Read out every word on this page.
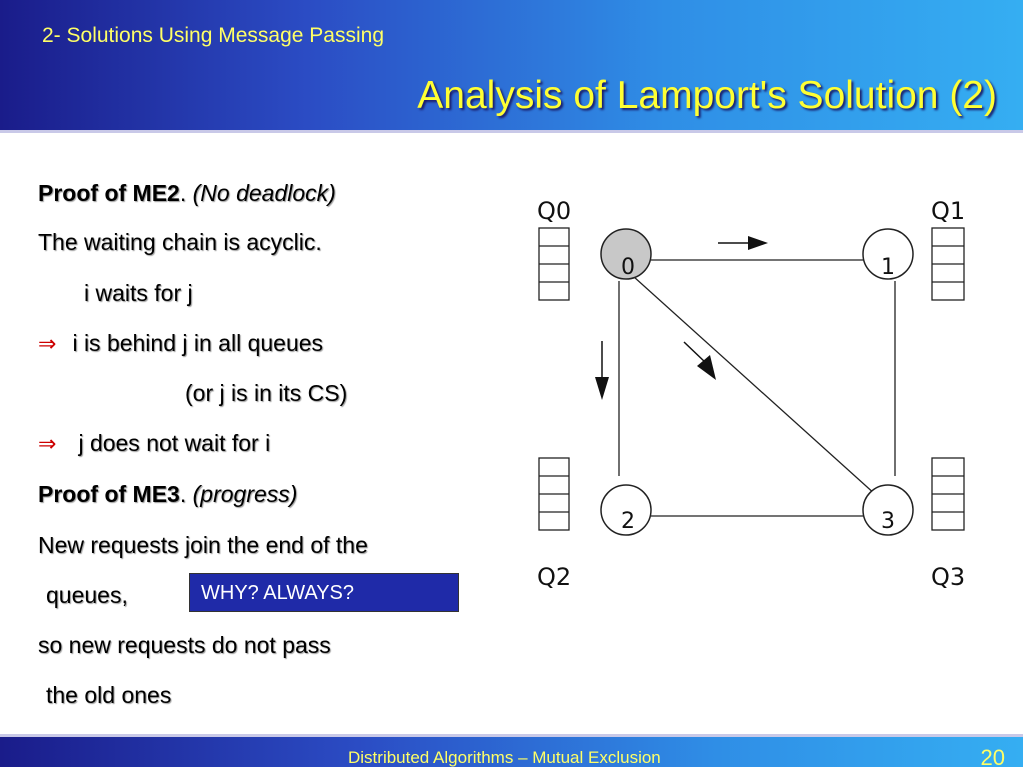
2- Solutions Using Message Passing
Analysis of Lamport's Solution (2)
Proof of ME2. (No deadlock)
The waiting chain is acyclic.
i waits for j
⇒ i is behind j in all queues
(or j is in its CS)
⇒ j does not wait for i
Proof of ME3. (progress)
New requests join the end of the
queues,
so new requests do not pass
the old ones
WHY? ALWAYS?
0	1
2	3
Q0	Q1
Q2	Q3
Distributed Algorithms – Mutual Exclusion	20
